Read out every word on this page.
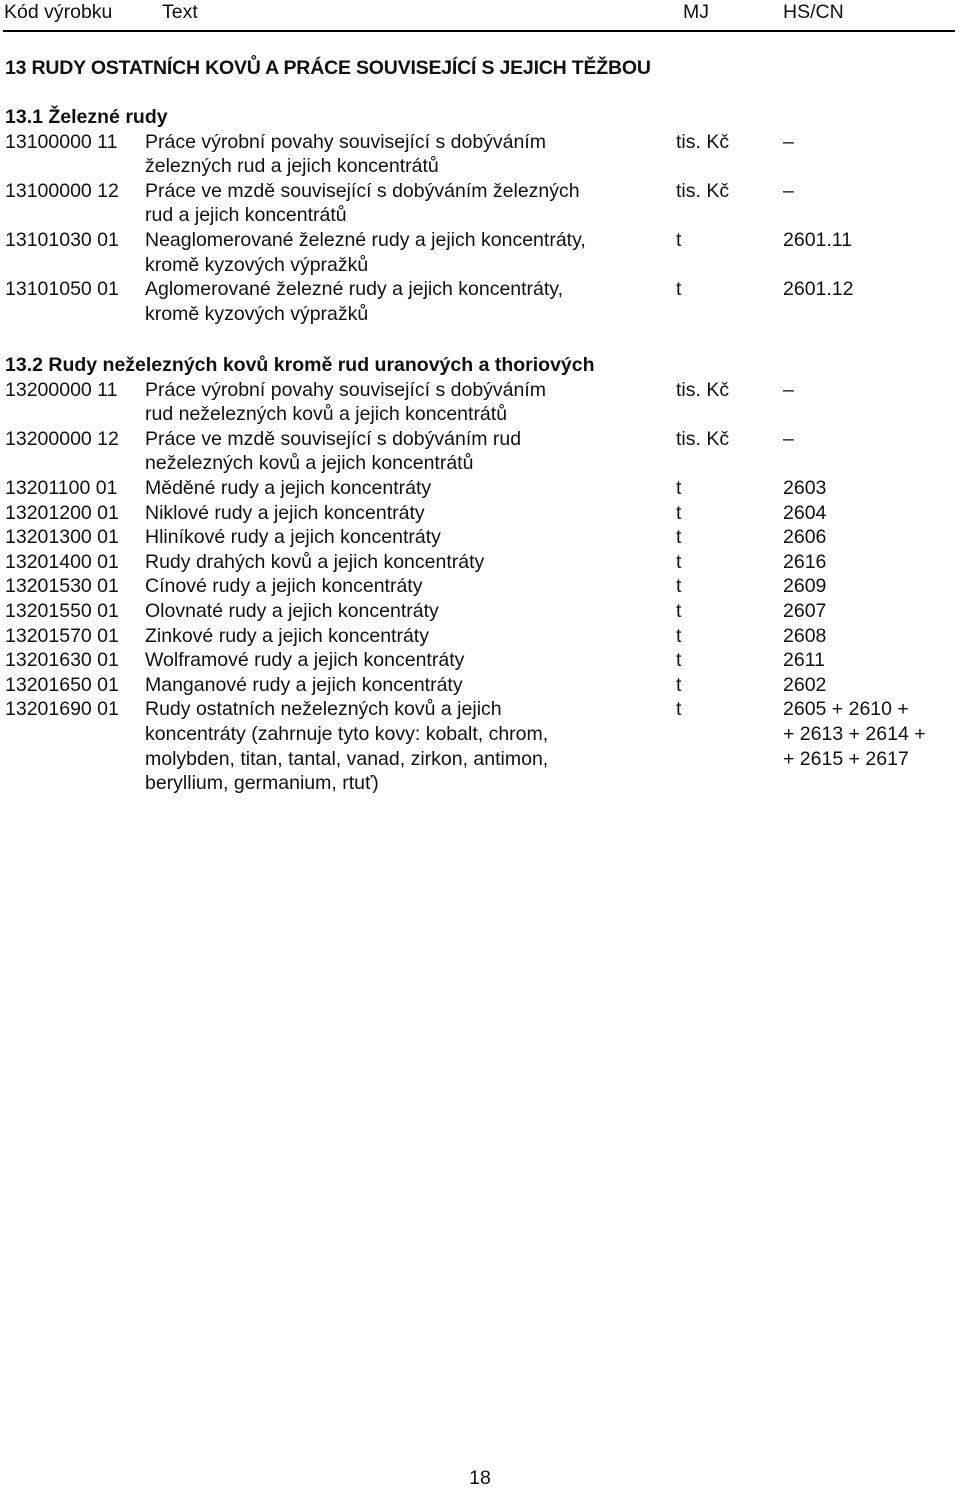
Kód výrobku	Text	MJ	HS/CN
13 RUDY OSTATNÍCH KOVŮ A PRÁCE SOUVISEJÍCÍ S JEJICH TĚŽBOU
13.1 Železné rudy
13100000 11 Práce výrobní povahy související s dobýváním
železných rud a jejich koncentrátů
tis. Kč	–
13100000 12 Práce ve mzdě související s dobýváním železných
rud a jejich koncentrátů
tis. Kč	–
13101030 01 Neaglomerované železné rudy a jejich koncentráty,
kromě kyzových výpražků
t	2601.11
13101050 01 Aglomerované železné rudy a jejich koncentráty,
kromě kyzových výpražků
t	2601.12
13.2 Rudy neželezných kovů kromě rud uranových a thoriových
13200000 11 Práce výrobní povahy související s dobýváním
rud neželezných kovů a jejich koncentrátů
tis. Kč	–
13200000 12 Práce ve mzdě související s dobýváním rud
neželezných kovů a jejich koncentrátů
tis. Kč	–
13201100 01 Měděné rudy a jejich koncentráty	t	2603
13201200 01 Niklové rudy a jejich koncentráty	t	2604
13201300 01 Hliníkové rudy a jejich koncentráty	t	2606
13201400 01 Rudy drahých kovů a jejich koncentráty	t	2616
13201530 01 Cínové rudy a jejich koncentráty	t	2609
13201550 01 Olovnaté rudy a jejich koncentráty	t	2607
13201570 01 Zinkové rudy a jejich koncentráty	t	2608
13201630 01 Wolframové rudy a jejich koncentráty	t	2611
13201650 01 Manganové rudy a jejich koncentráty	t	2602
13201690 01 Rudy ostatních neželezných kovů a jejich
koncentráty (zahrnuje tyto kovy: kobalt, chrom,
molybden, titan, tantal, vanad, zirkon, antimon,
beryllium, germanium, rtuť)
t	2605 + 2610 +
+ 2613 + 2614 +
+ 2615 + 2617
18
